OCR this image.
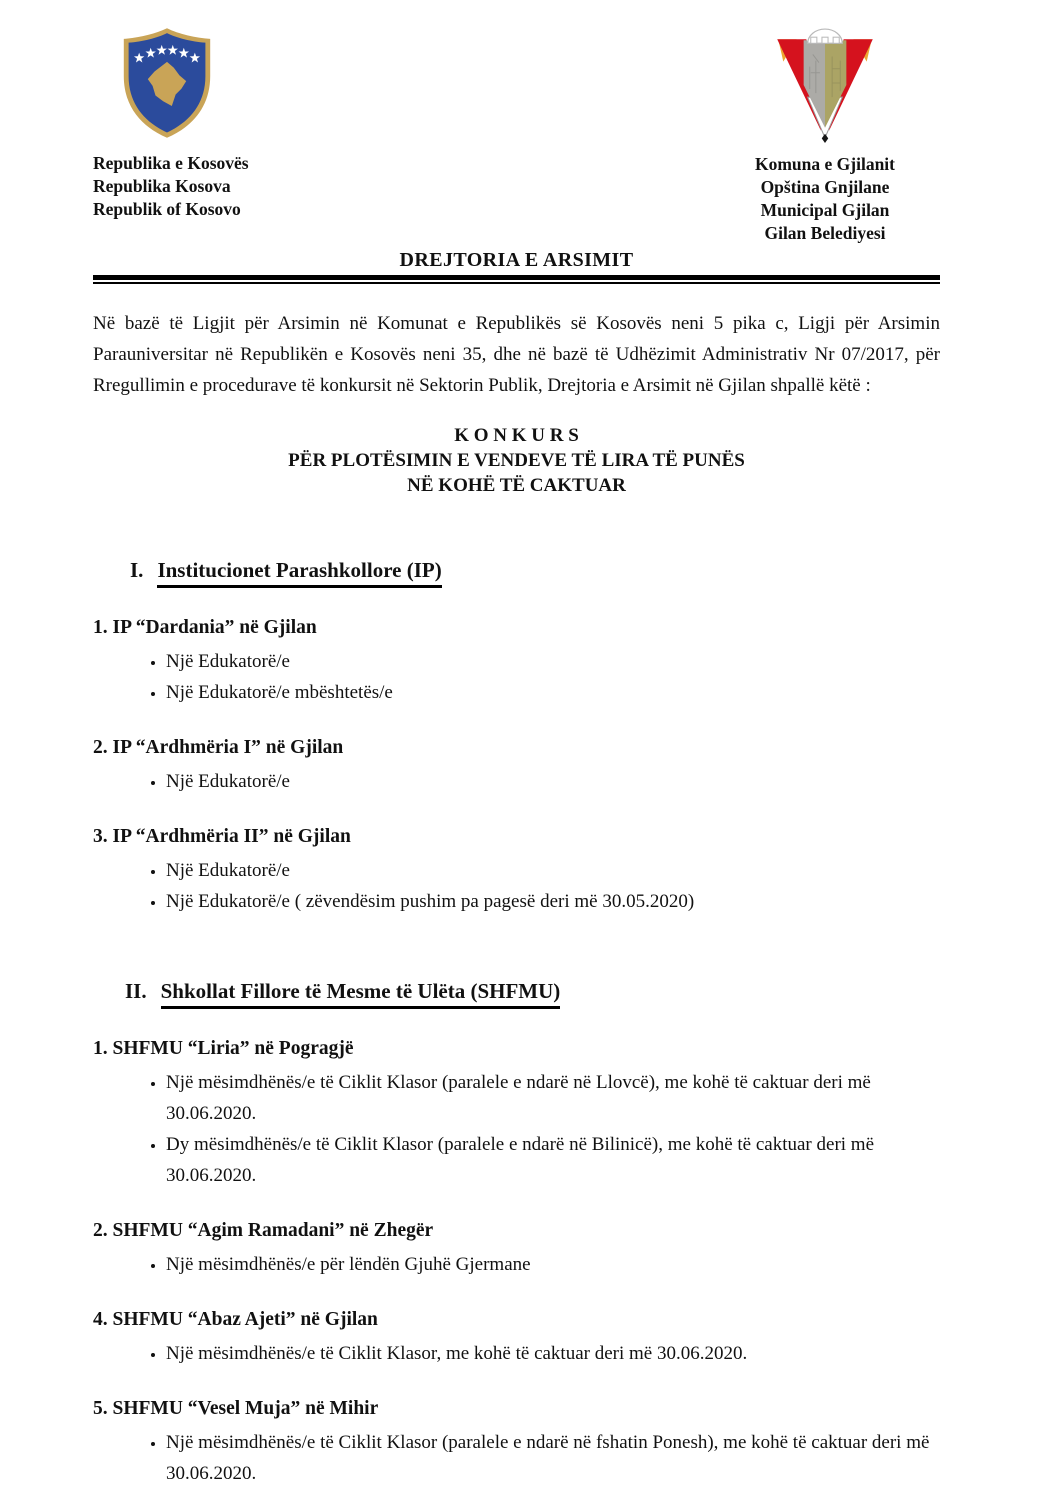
Republika e Kosovës
Republika Kosova
Republik of Kosovo
Komuna e Gjilanit
Opština Gnjilane
Municipal Gjilan
Gilan Belediyesi
DREJTORIA E ARSIMIT

Në bazë të Ligjit për Arsimin në Komunat e Republikës së Kosovës neni 5 pika c, Ligji për Arsimin Parauniversitar në Republikën e Kosovës neni 35, dhe në bazë të Udhëzimit Administrativ Nr 07/2017, për Rregullimin e procedurave të konkursit në Sektorin Publik, Drejtoria e Arsimit në Gjilan shpallë këtë :

K O N K U R S
PËR PLOTËSIMIN E VENDEVE TË LIRA TË PUNËS
NË KOHË TË CAKTUAR
I. Institucionet Parashkollore (IP)
1. IP “Dardania” në Gjilan
• Një Edukatorë/e
• Një Edukatorë/e mbështetës/e
2. IP “Ardhmëria I” në Gjilan
• Një Edukatorë/e
3. IP “Ardhmëria II” në Gjilan
• Një Edukatorë/e
• Një Edukatorë/e ( zëvendësim pushim pa pagesë deri më 30.05.2020)
II. Shkollat Fillore të Mesme të Ulëta (SHFMU)
1. SHFMU “Liria” në Pogragjë
• Një mësimdhënës/e të Ciklit Klasor (paralele e ndarë në Llovcë), me kohë të caktuar deri më 30.06.2020.
• Dy mësimdhënës/e të Ciklit Klasor (paralele e ndarë në Bilinicë), me kohë të caktuar deri më 30.06.2020.
2. SHFMU “Agim Ramadani” në Zhegër
• Një mësimdhënës/e për lëndën Gjuhë Gjermane
4. SHFMU “Abaz Ajeti” në Gjilan
• Një mësimdhënës/e të Ciklit Klasor, me kohë të caktuar deri më 30.06.2020.
5. SHFMU “Vesel Muja” në Mihir
• Një mësimdhënës/e të Ciklit Klasor (paralele e ndarë në fshatin Ponesh), me kohë të caktuar deri më 30.06.2020.
